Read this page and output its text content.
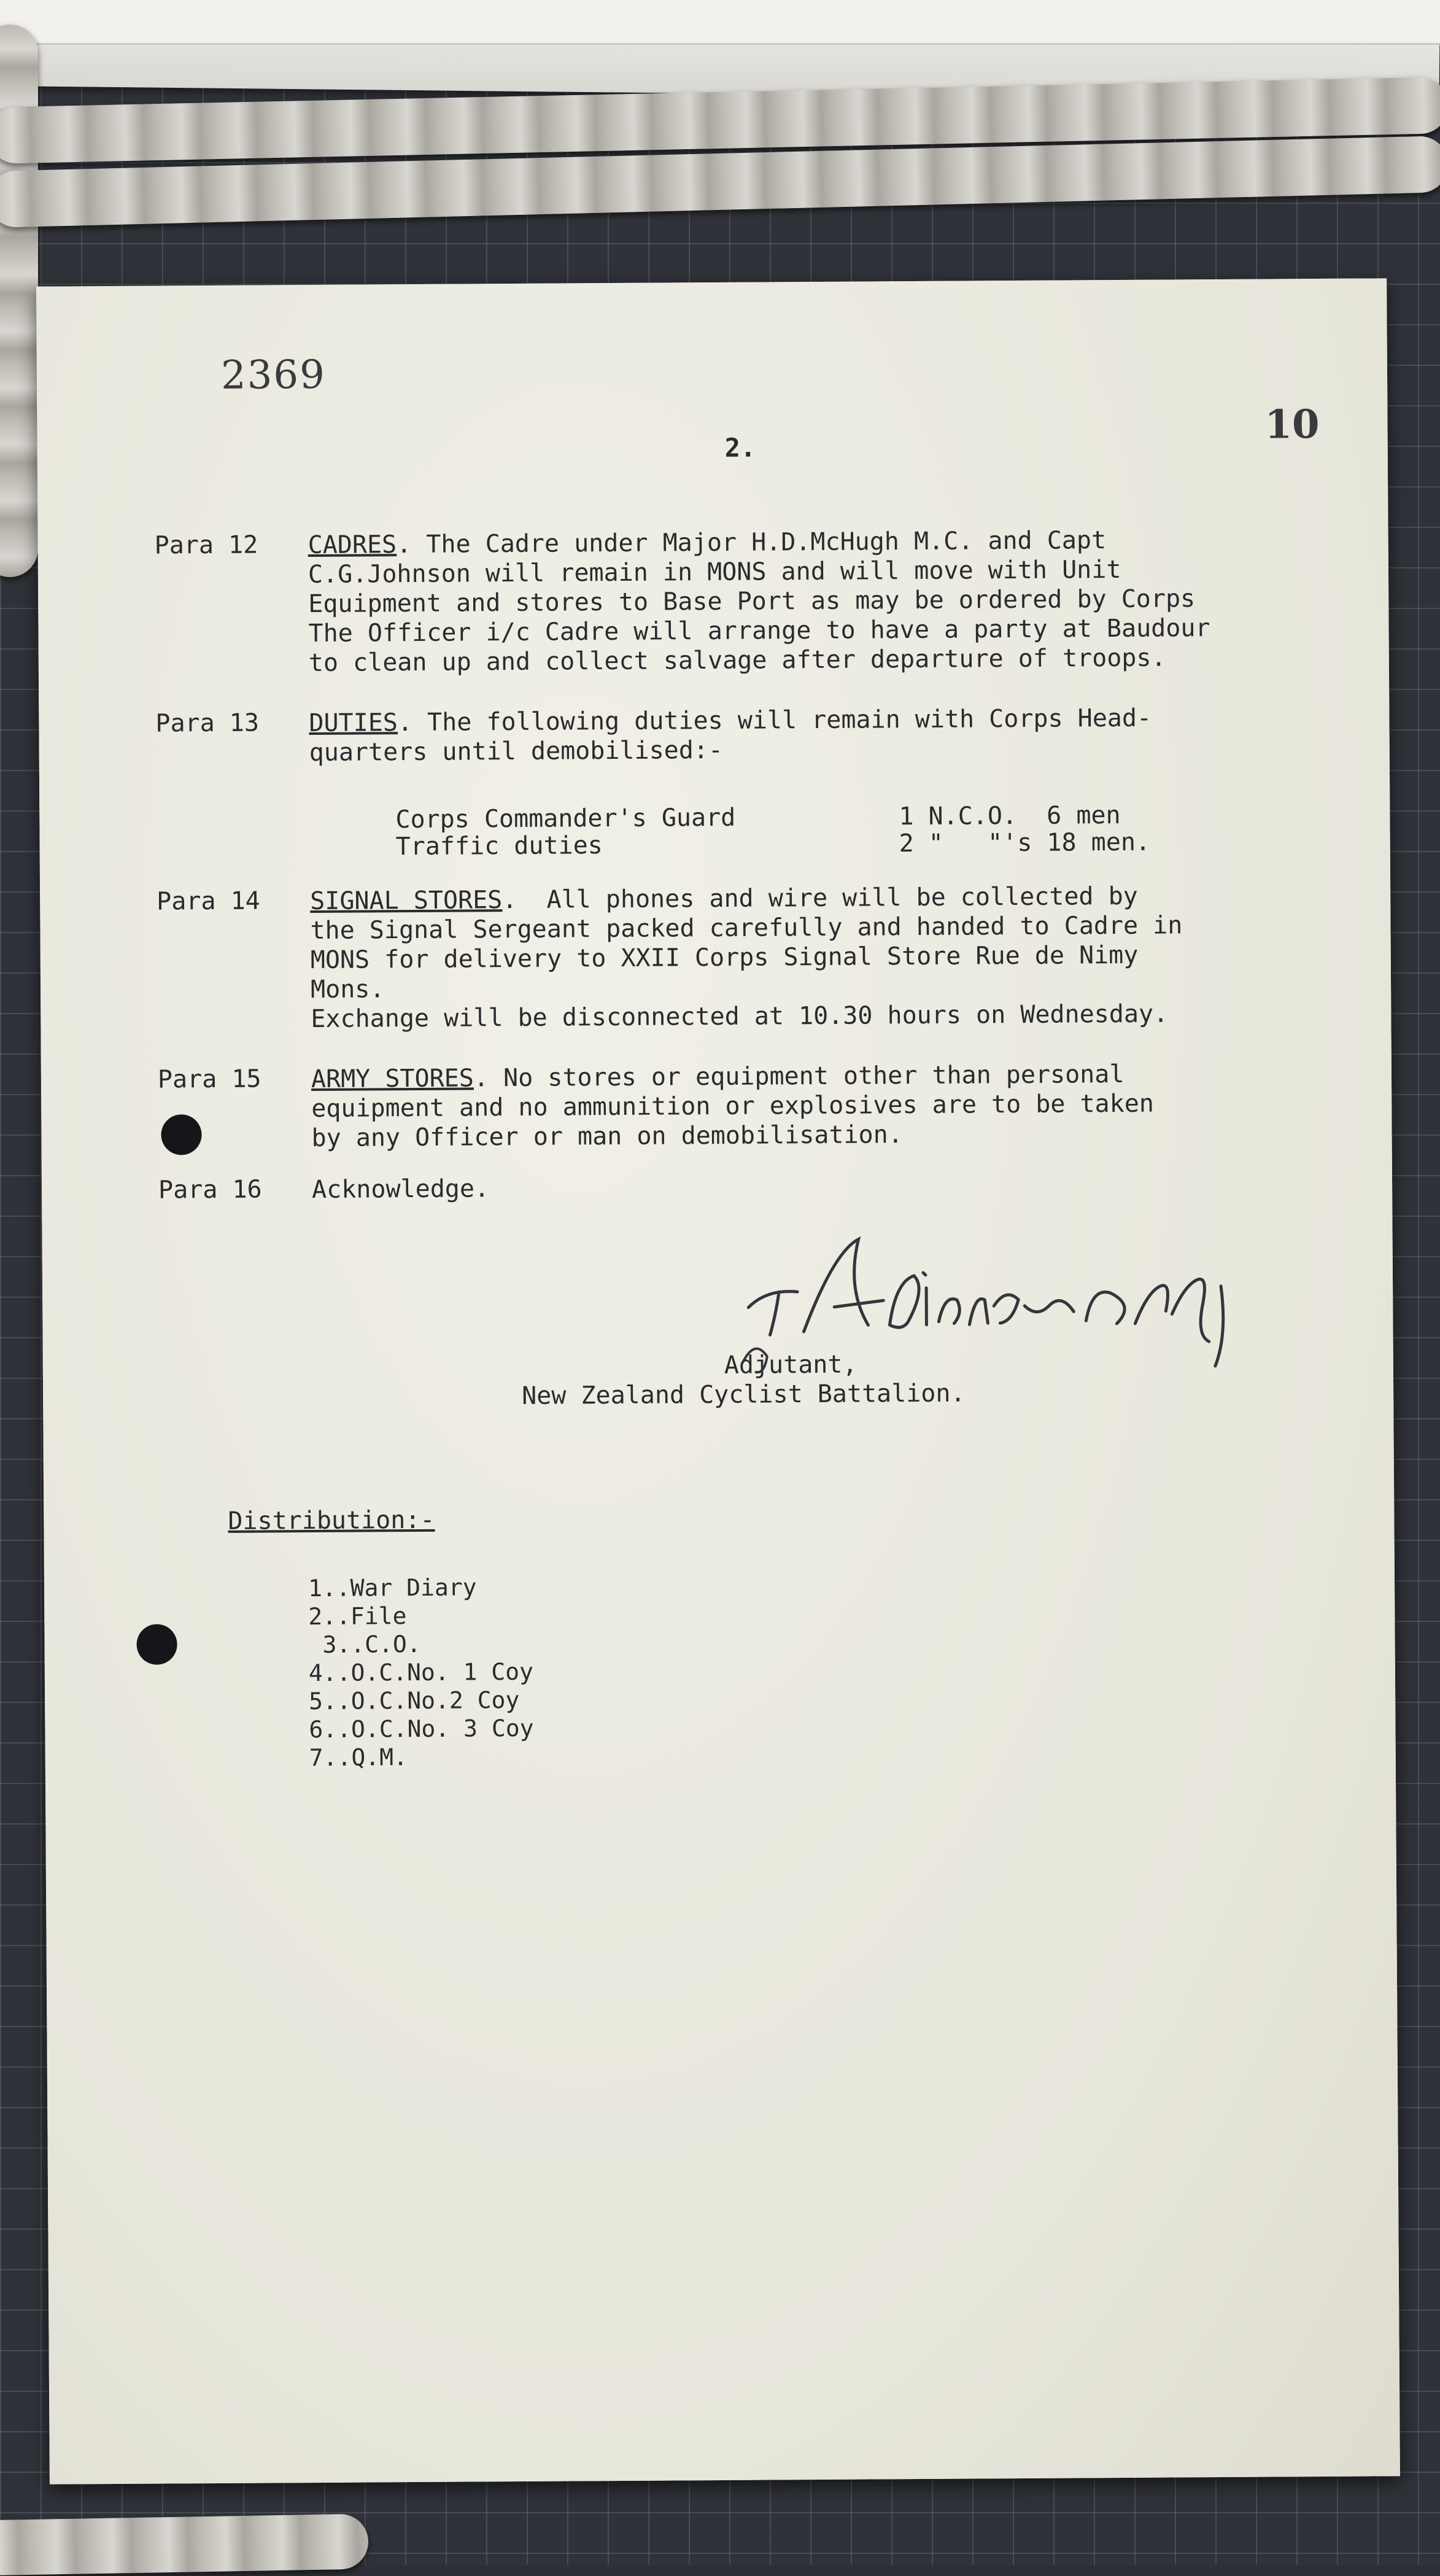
2369
2.	10
Para 12 CADRES. The Cadre under Major H.D.McHugh M.C. and Capt

C.G.Johnson will remain in MONS and will move with Unit

Equipment and stores to Base Port as may be ordered by Corps

The Officer i/c Cadre will arrange to have a party at Baudour

to clean up and collect salvage after departure of troops.

Para 13 DUTIES. The following duties will remain with Corps Head-

quarters until demobilised:-

Corps Commander's Guard	1 N.C.O.  6 men
Traffic duties	2 "   "'s 18 men.
Para 14 SIGNAL STORES.  All phones and wire will be collected by

the Signal Sergeant packed carefully and handed to Cadre in

MONS for delivery to XXII Corps Signal Store Rue de Nimy

Mons.

Exchange will be disconnected at 10.30 hours on Wednesday.

Para 15 ARMY STORES. No stores or equipment other than personal

equipment and no ammunition or explosives are to be taken

by any Officer or man on demobilisation.

Para 16 Acknowledge.

Adjutant,
New Zealand Cyclist Battalion.
Distribution:-
1..War Diary
2..File
3..C.O.
4..O.C.No. 1 Coy
5..O.C.No.2 Coy
6..O.C.No. 3 Coy
7..Q.M.
